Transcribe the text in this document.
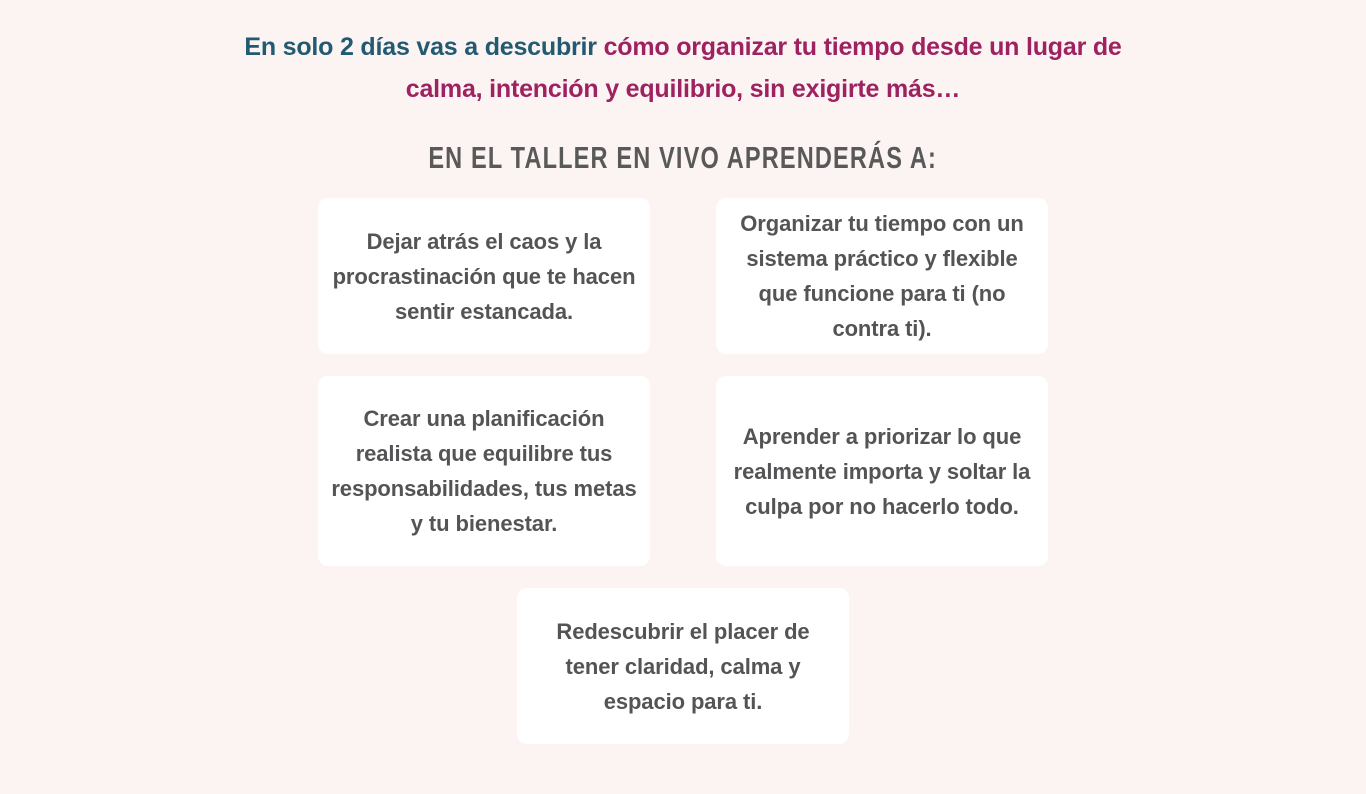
En solo 2 días vas a descubrir cómo organizar tu tiempo desde un lugar de
calma, intención y equilibrio, sin exigirte más…
EN EL TALLER EN VIVO APRENDERÁS A:

Dejar atrás el caos y la procrastinación que te hacen sentir estancada.

Organizar tu tiempo con un sistema práctico y flexible que funcione para ti (no contra ti).

Crear una planificación realista que equilibre tus responsabilidades, tus metas y tu bienestar.

Aprender a priorizar lo que realmente importa y soltar la culpa por no hacerlo todo.

Redescubrir el placer de tener claridad, calma y espacio para ti.
